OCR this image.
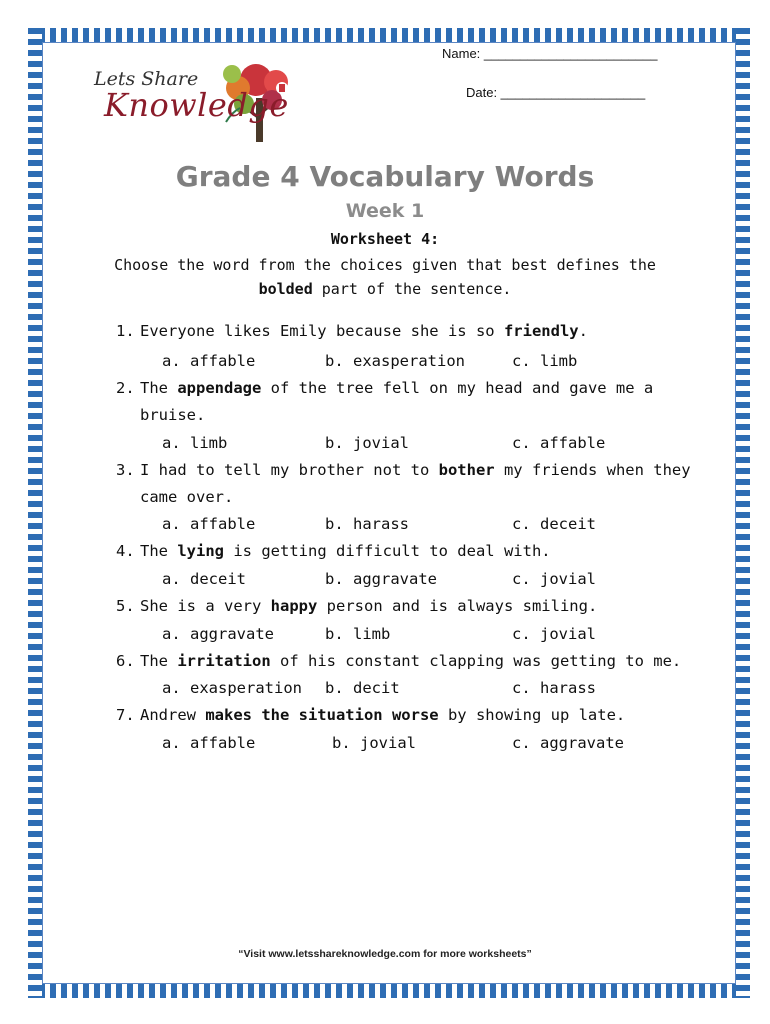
Name: ________________________
Date: ____________________
Lets Share
Knowledge
Grade 4 Vocabulary Words
Week 1
Worksheet 4:
Choose the word from the choices given that best defines the
bolded part of the sentence.
1. Everyone likes Emily because she is so friendly.
a. affable	b. exasperation	c. limb
2. The appendage of the tree fell on my head and gave me a
bruise.
a. limb	b. jovial	c. affable
3. I had to tell my brother not to bother my friends when they
came over.
a. affable	b. harass	c. deceit
4. The lying is getting difficult to deal with.
a. deceit	b. aggravate	c. jovial
5. She is a very happy person and is always smiling.
a. aggravate	b. limb	c. jovial
6. The irritation of his constant clapping was getting to me.
a. exasperation b. decit	c. harass
7. Andrew makes the situation worse by showing up late.
a. affable	b. jovial	c. aggravate
“Visit www.letsshareknowledge.com for more worksheets”
